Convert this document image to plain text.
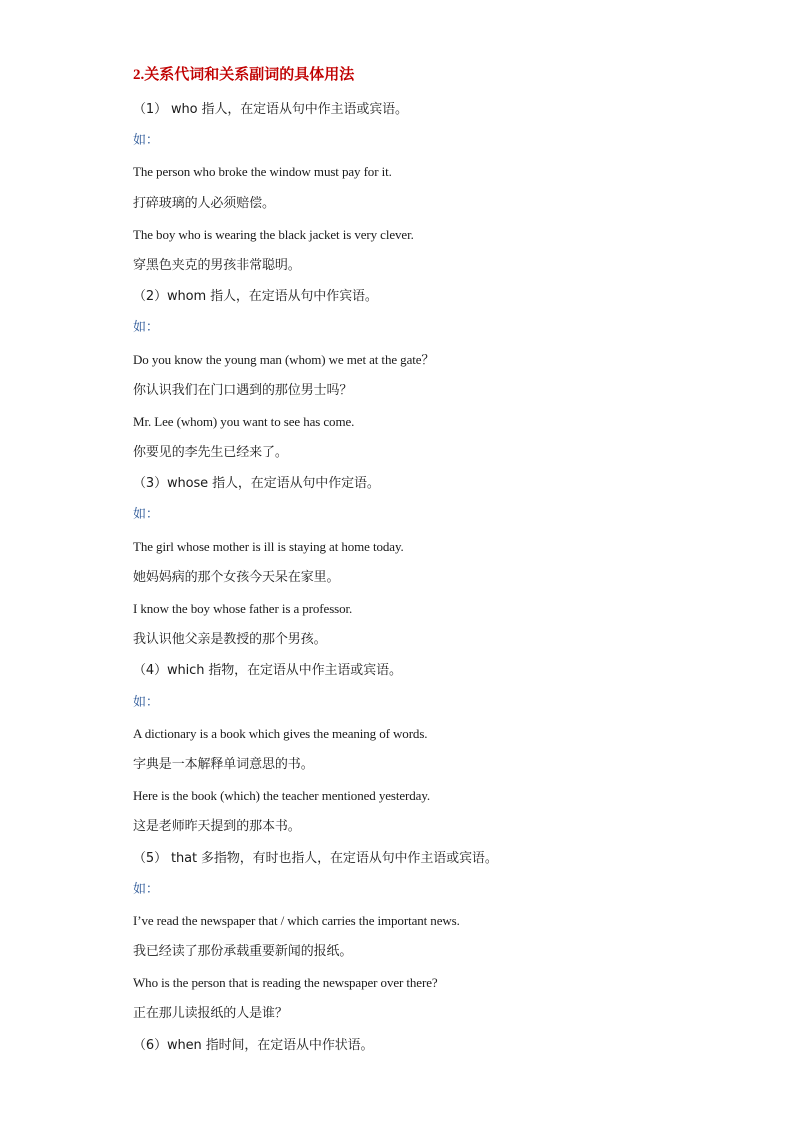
2.关系代词和关系副词的具体用法
（1） who 指人，在定语从句中作主语或宾语。
如：
The person who broke the window must pay for it.
打碎玻璃的人必须赔偿。
The boy who is wearing the black jacket is very clever.
穿黑色夹克的男孩非常聪明。
（2）whom 指人，在定语从句中作宾语。
如：
Do you know the young man (whom) we met at the gate？
你认识我们在门口遇到的那位男士吗？
Mr. Lee (whom) you want to see has come.
你要见的李先生已经来了。
（3）whose 指人，在定语从句中作定语。
如：
The girl whose mother is ill is staying at home today.
她妈妈病的那个女孩今天呆在家里。
I know the boy whose father is a professor.
我认识他父亲是教授的那个男孩。
（4）which 指物，在定语从中作主语或宾语。
如：
A dictionary is a book which gives the meaning of words.
字典是一本解释单词意思的书。
Here is the book (which) the teacher mentioned yesterday.
这是老师昨天提到的那本书。
（5） that 多指物，有时也指人，在定语从句中作主语或宾语。
如：
I’ve read the newspaper that / which carries the important news.
我已经读了那份承载重要新闻的报纸。
Who is the person that is reading the newspaper over there?
正在那儿读报纸的人是谁？
（6）when 指时间，在定语从中作状语。
